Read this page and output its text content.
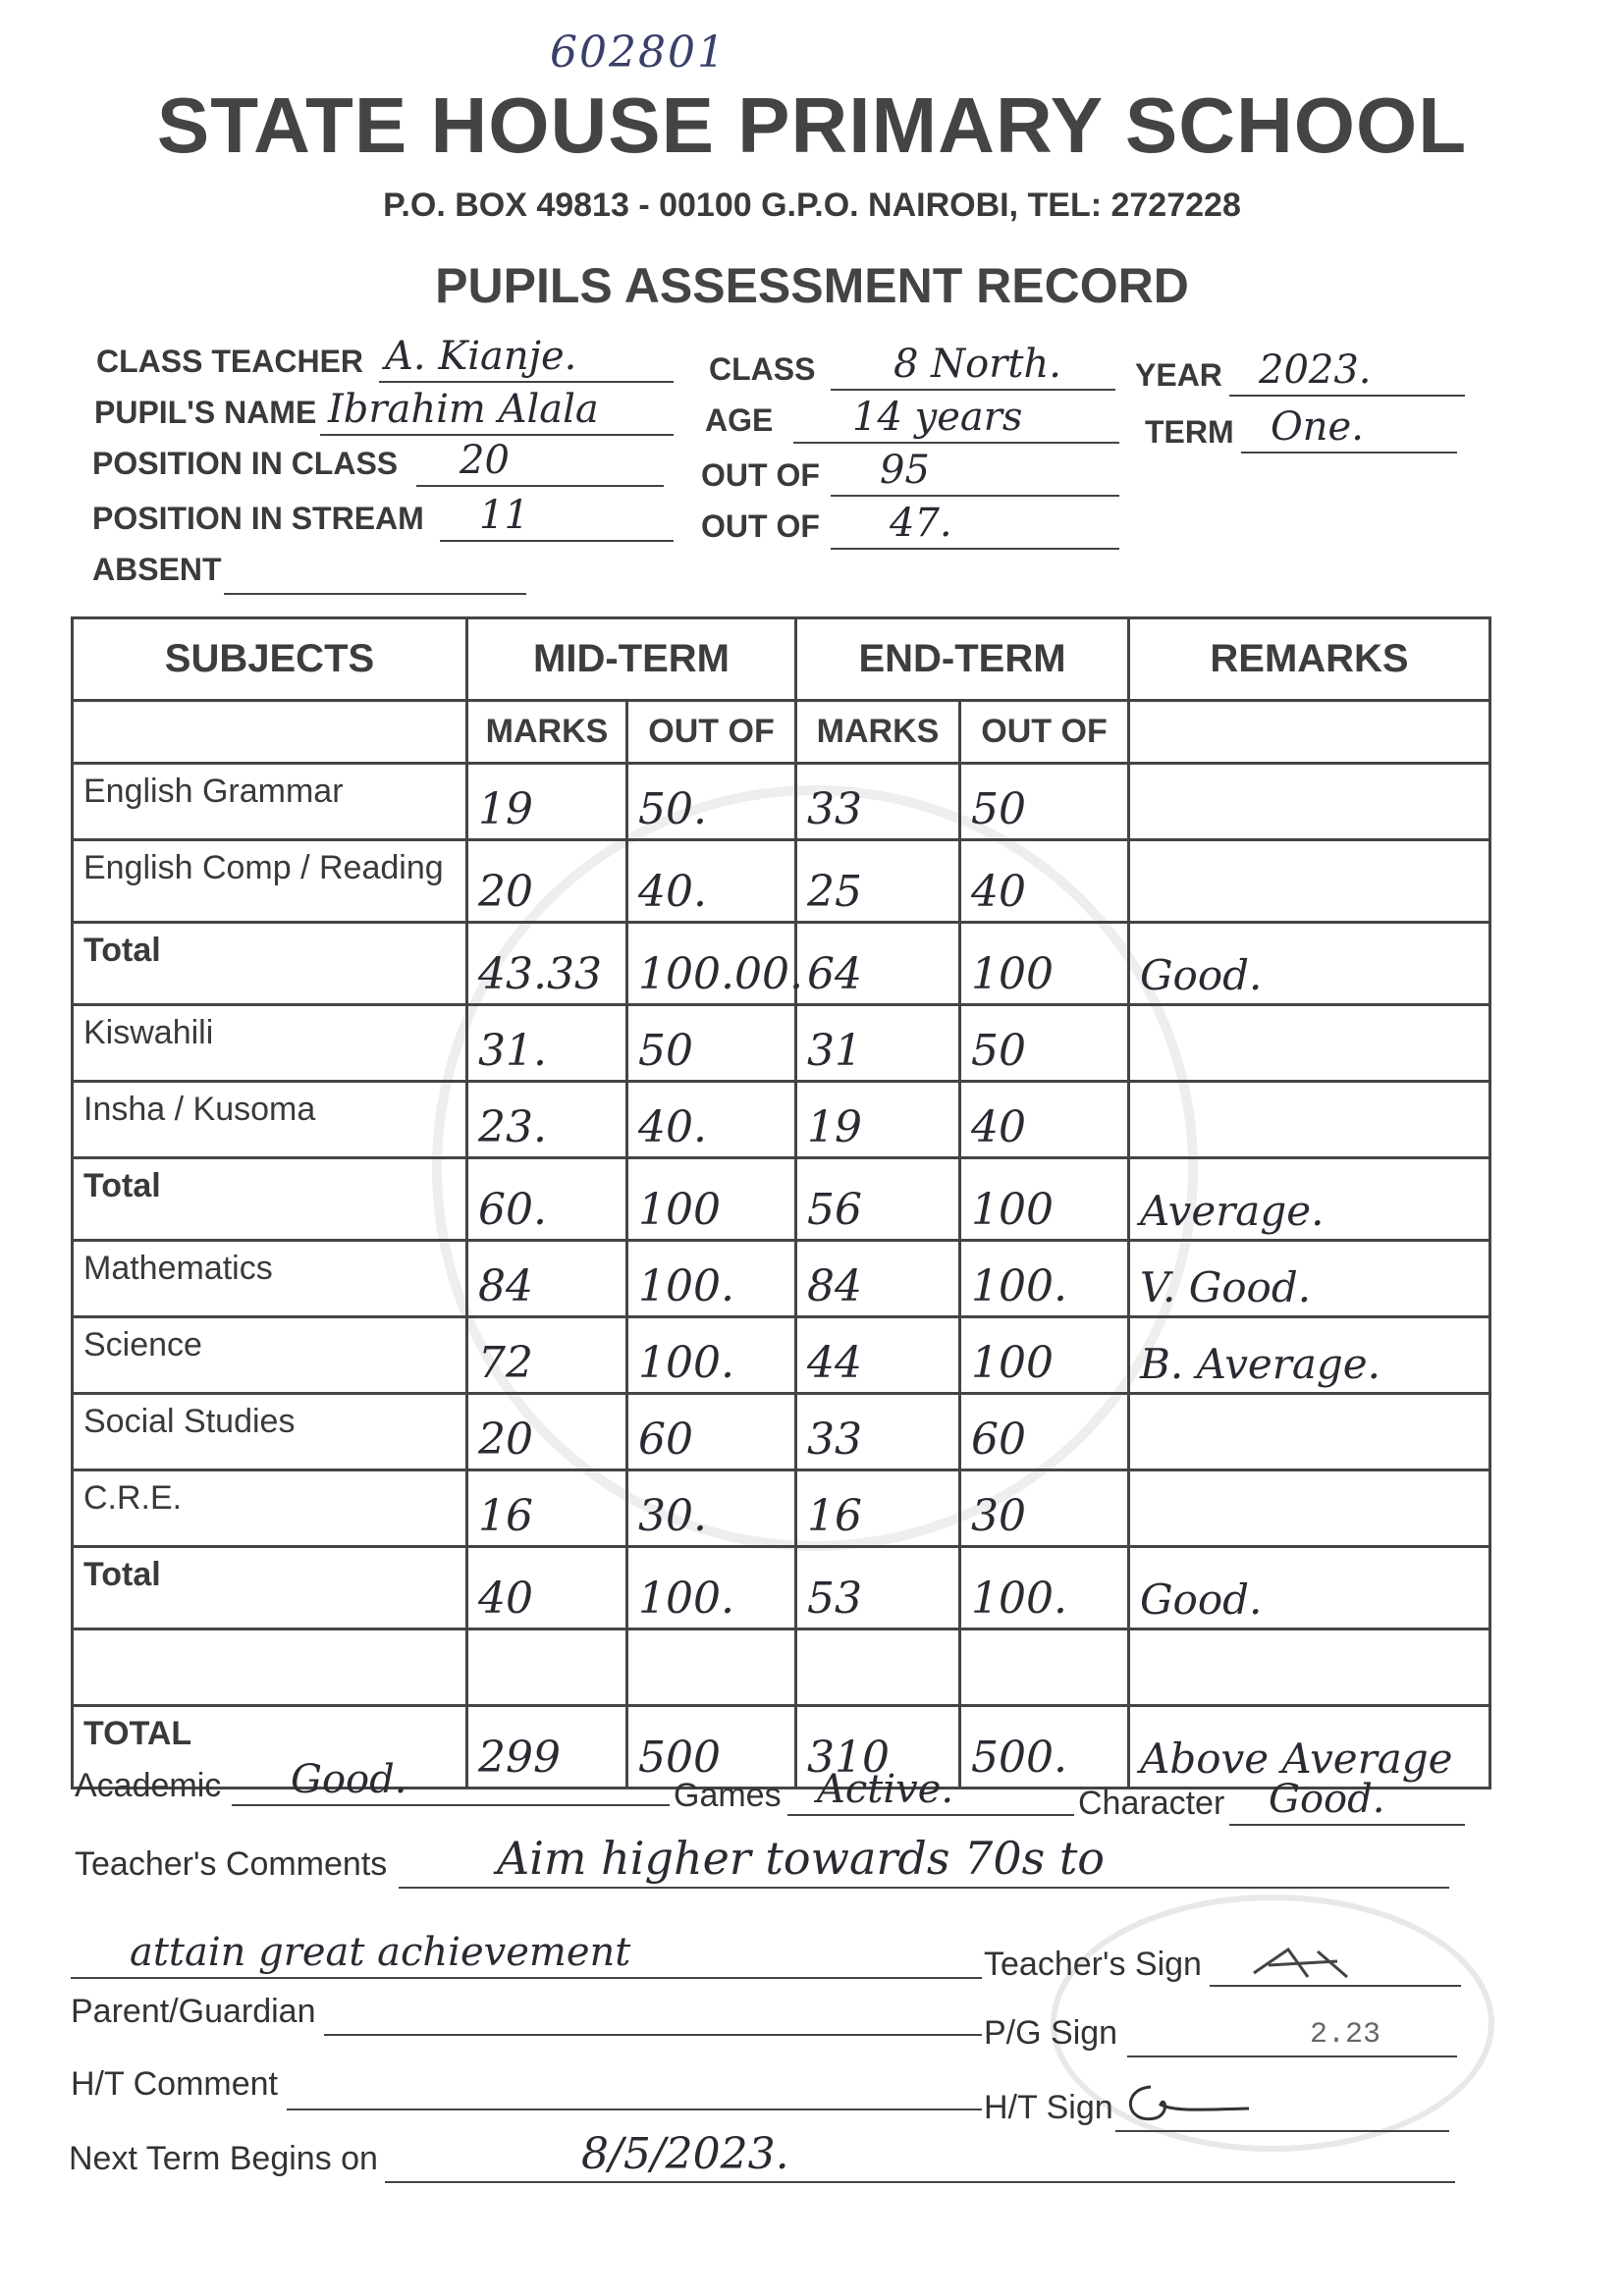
602801
STATE HOUSE PRIMARY SCHOOL
P.O. BOX 49813 - 00100 G.P.O. NAIROBI, TEL: 2727228
PUPILS ASSESSMENT RECORD
CLASS TEACHER A. Kianje.	CLASS 8 North. YEAR 2023.
PUPIL'S NAME Ibrahim Alala	AGE 14 years	TERM One.
POSITION IN CLASS 20	OUT OF 95
POSITION IN STREAM 11	OUT OF 47.
ABSENT
SUBJECTS	MID-TERM		END-TERM		REMARKS
	MARKS	OUT OF	MARKS	OUT OF	
English Grammar	19	50.	33	50	
English Comp / Reading	20	40.	25	40	
Total	43.33	100.00.	64	100	Good.
Kiswahili	31.	50	31	50	
Insha / Kusoma	23.	40.	19	40	
Total	60.	100	56	100	Average.
Mathematics	84	100.	84	100.	V. Good.
Science	72	100.	44	100	B. Average.
Social Studies	20	60	33	60	
C.R.E.	16	30.	16	30	
Total	40	100.	53	100.	Good.

TOTAL	299	500	310	500.	Above Average
Academic Good.	Games Active.	Character Good.
Teacher's Comments Aim higher towards 70s to
attain great achievement	Teacher's Sign
Parent/Guardian
P/G Sign	2.23
H/T Comment
H/T Sign
Next Term Begins on	8/5/2023.
